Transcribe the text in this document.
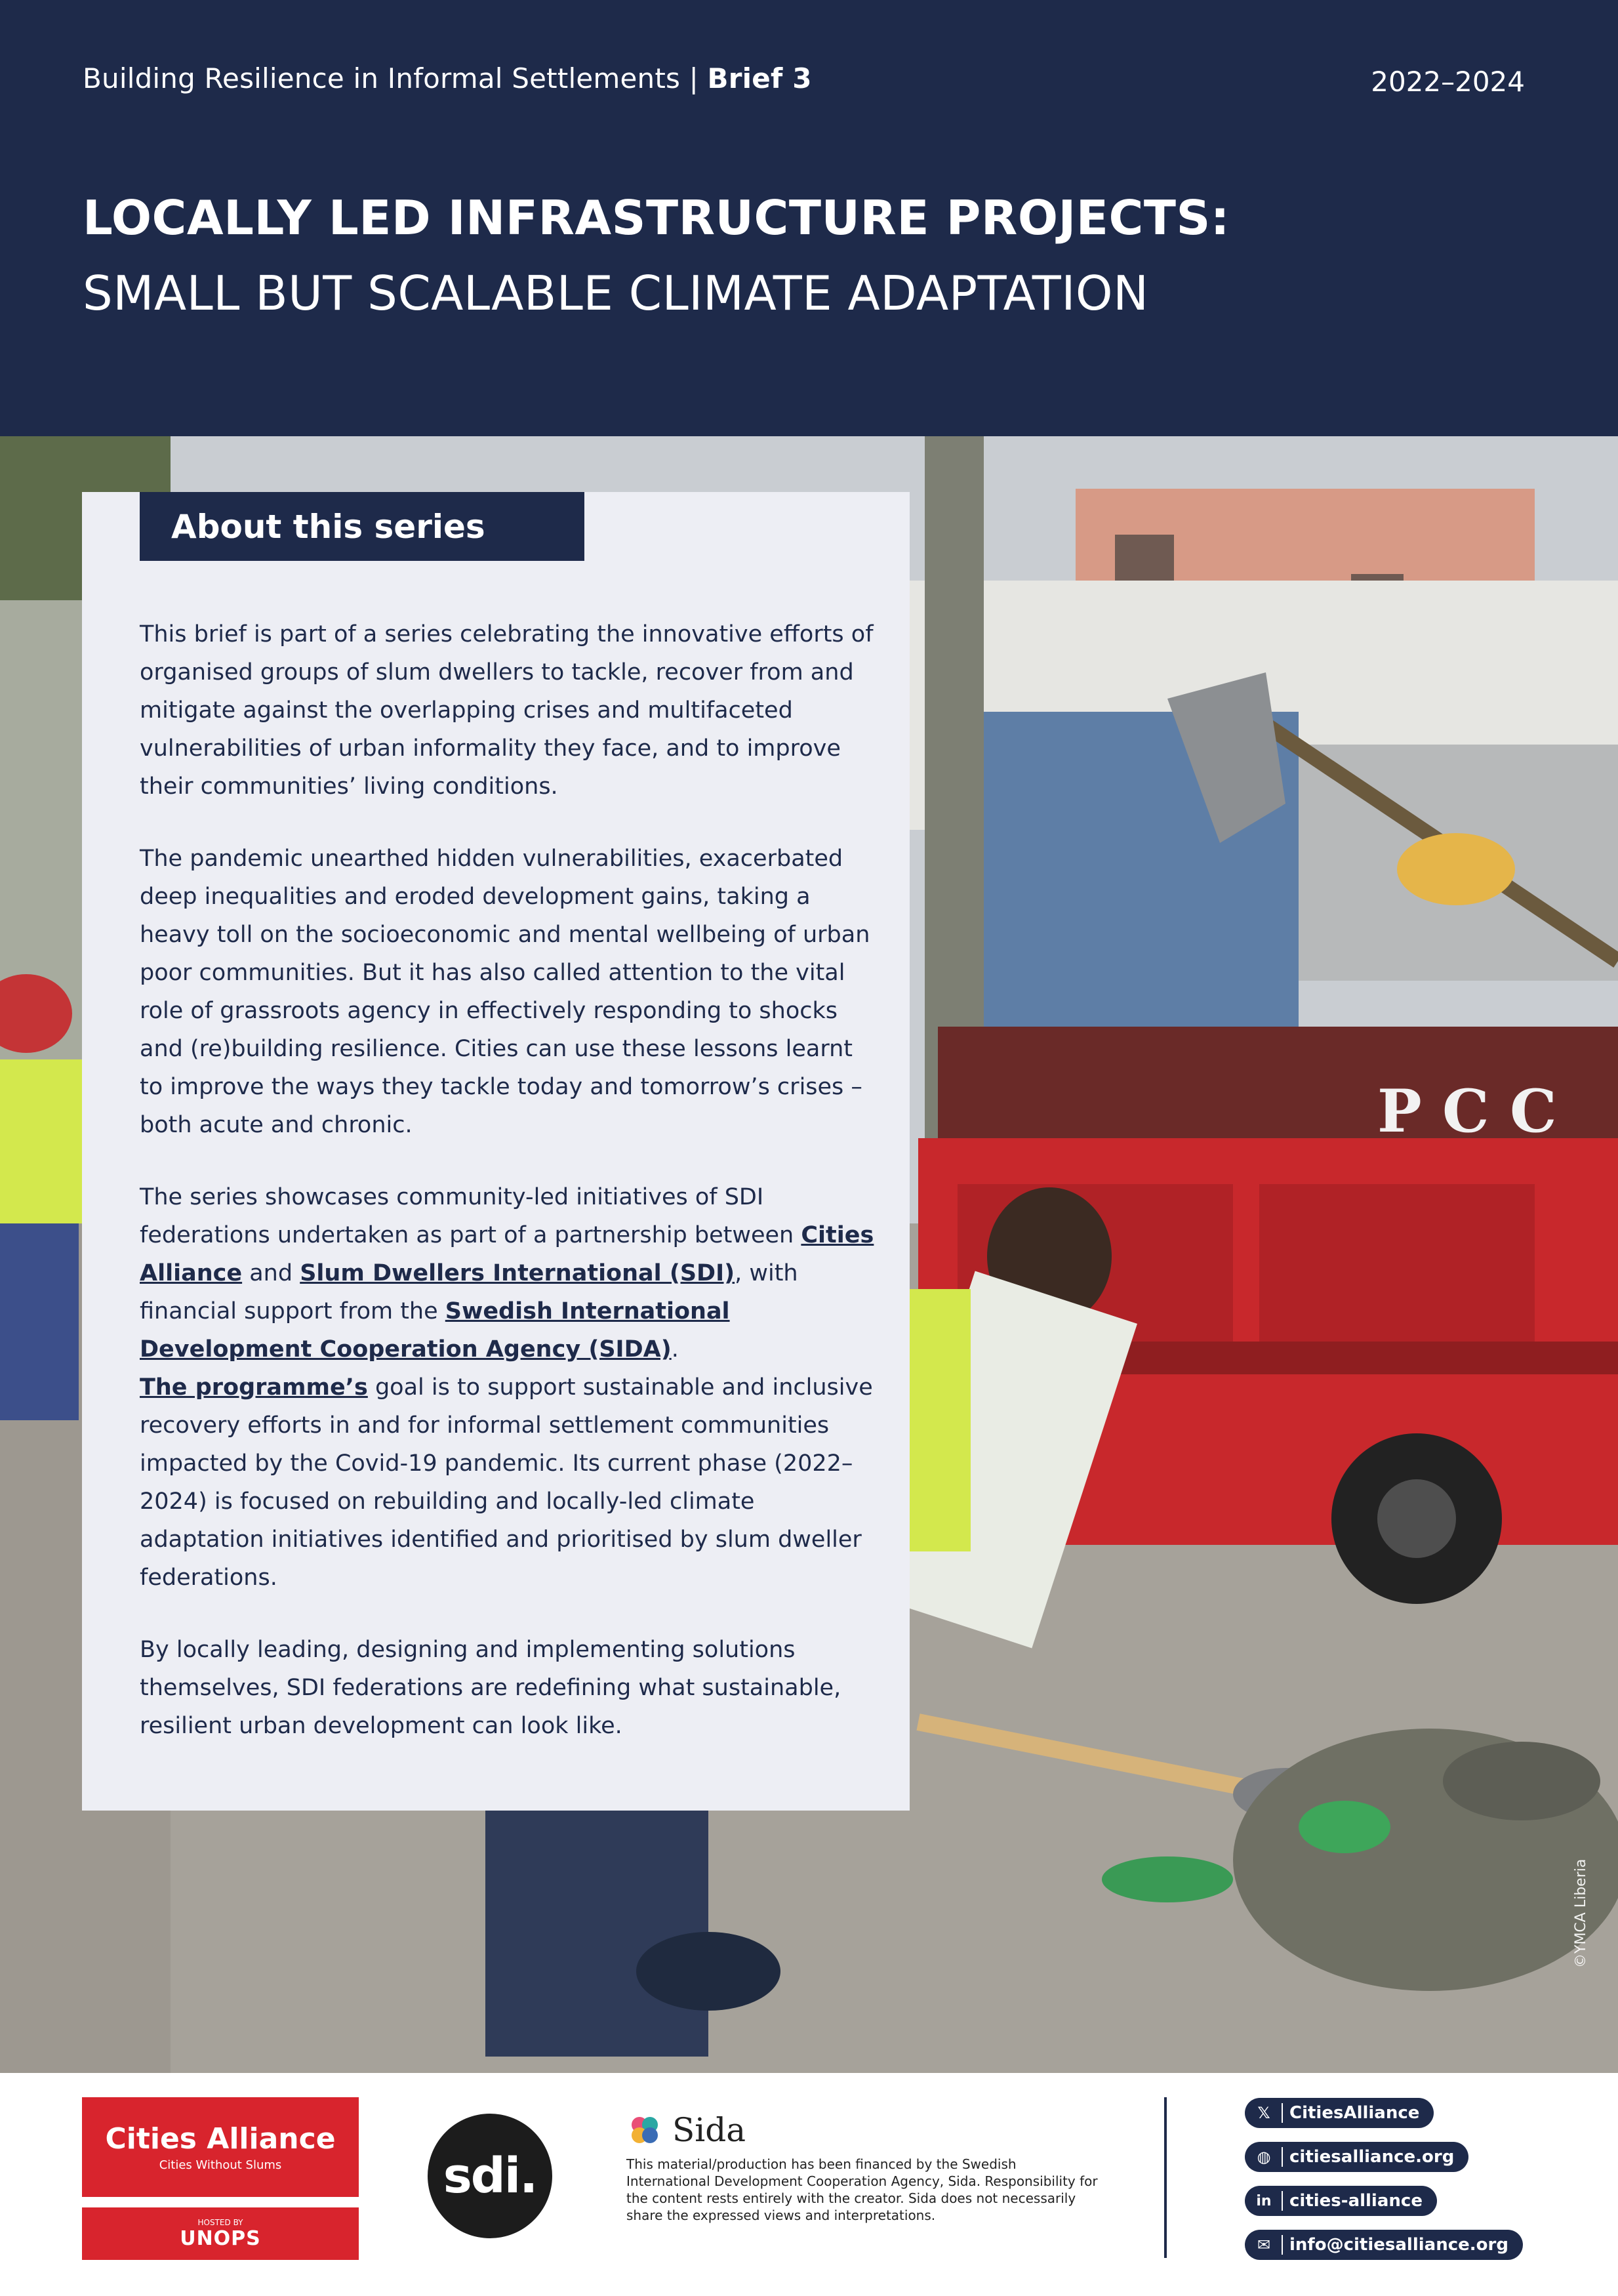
Building Resilience in Informal Settlements | Brief 3	2022–2024
LOCALLY LED INFRASTRUCTURE PROJECTS:
SMALL BUT SCALABLE CLIMATE ADAPTATION
P C C
©YMCA Liberia
About this series

This brief is part of a series celebrating the innovative efforts of organised groups of slum dwellers to tackle, recover from and mitigate against the overlapping crises and multifaceted vulnerabilities of urban informality they face, and to improve their communities’ living conditions.

The pandemic unearthed hidden vulnerabilities, exacerbated deep inequalities and eroded development gains, taking a heavy toll on the socioeconomic and mental wellbeing of urban poor communities. But it has also called attention to the vital role of grassroots agency in effectively responding to shocks and (re)building resilience. Cities can use these lessons learnt to improve the ways they tackle today and tomorrow’s crises – both acute and chronic.

The series showcases community-led initiatives of SDI federations undertaken as part of a partnership between Cities Alliance and Slum Dwellers International (SDI), with financial support from the Swedish International Development Cooperation Agency (SIDA).
The programme’s goal is to support sustainable and inclusive recovery efforts in and for informal settlement communities impacted by the Covid-19 pandemic. Its current phase (2022–2024) is focused on rebuilding and locally-led climate adaptation initiatives identified and prioritised by slum dweller federations.

By locally leading, designing and implementing solutions themselves, SDI federations are redefining what sustainable, resilient urban development can look like.

Cities Alliance
Cities Without Slums
HOSTED BY
UNOPS
sdi.
Sida
This material/production has been financed by the Swedish International Development Cooperation Agency, Sida. Responsibility for the content rests entirely with the creator. Sida does not necessarily share the expressed views and interpretations.
𝕏 CitiesAlliance
◍ citiesalliance.org
in cities-alliance
✉ info@citiesalliance.org
